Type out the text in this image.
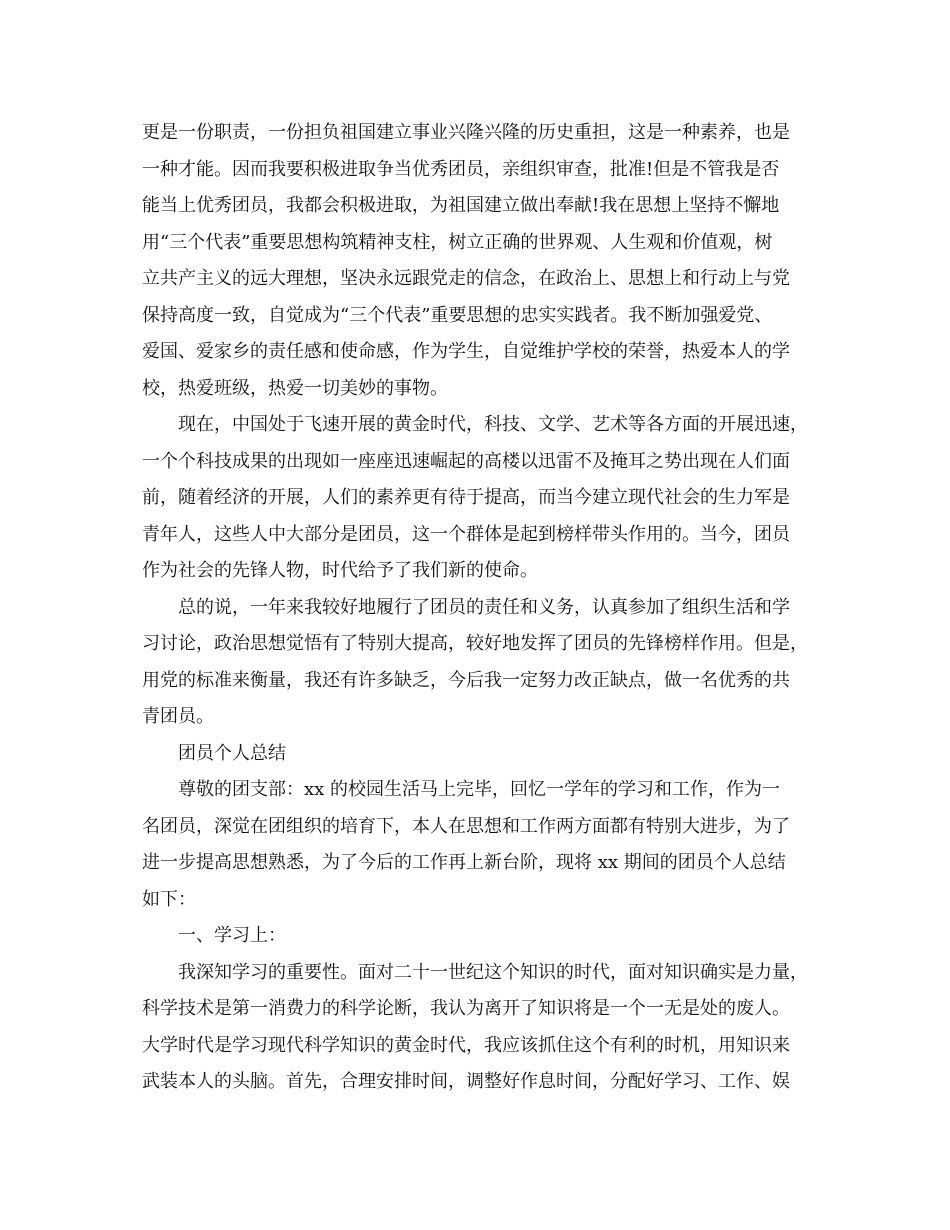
更是一份职责，一份担负祖国建立事业兴隆兴隆的历史重担，这是一种素养，也是
一种才能。因而我要积极进取争当优秀团员，亲组织审查，批准!但是不管我是否
能当上优秀团员，我都会积极进取，为祖国建立做出奉献!我在思想上坚持不懈地
用“三个代表”重要思想构筑精神支柱，树立正确的世界观、人生观和价值观，树
立共产主义的远大理想，坚决永远跟党走的信念，在政治上、思想上和行动上与党
保持高度一致，自觉成为“三个代表”重要思想的忠实实践者。我不断加强爱党、
爱国、爱家乡的责任感和使命感，作为学生，自觉维护学校的荣誉，热爱本人的学
校，热爱班级，热爱一切美妙的事物。
现在，中国处于飞速开展的黄金时代，科技、文学、艺术等各方面的开展迅速，
一个个科技成果的出现如一座座迅速崛起的高楼以迅雷不及掩耳之势出现在人们面
前，随着经济的开展，人们的素养更有待于提高，而当今建立现代社会的生力军是
青年人，这些人中大部分是团员，这一个群体是起到榜样带头作用的。当今，团员
作为社会的先锋人物，时代给予了我们新的使命。
总的说，一年来我较好地履行了团员的责任和义务，认真参加了组织生活和学
习讨论，政治思想觉悟有了特别大提高，较好地发挥了团员的先锋榜样作用。但是，
用党的标准来衡量，我还有许多缺乏，今后我一定努力改正缺点，做一名优秀的共
青团员。
团员个人总结
尊敬的团支部：xx 的校园生活马上完毕，回忆一学年的学习和工作，作为一
名团员，深觉在团组织的培育下，本人在思想和工作两方面都有特别大进步，为了
进一步提高思想熟悉，为了今后的工作再上新台阶，现将 xx 期间的团员个人总结
如下：
一、学习上：
我深知学习的重要性。面对二十一世纪这个知识的时代，面对知识确实是力量，
科学技术是第一消费力的科学论断，我认为离开了知识将是一个一无是处的废人。
大学时代是学习现代科学知识的黄金时代，我应该抓住这个有利的时机，用知识来
武装本人的头脑。首先，合理安排时间，调整好作息时间，分配好学习、工作、娱
